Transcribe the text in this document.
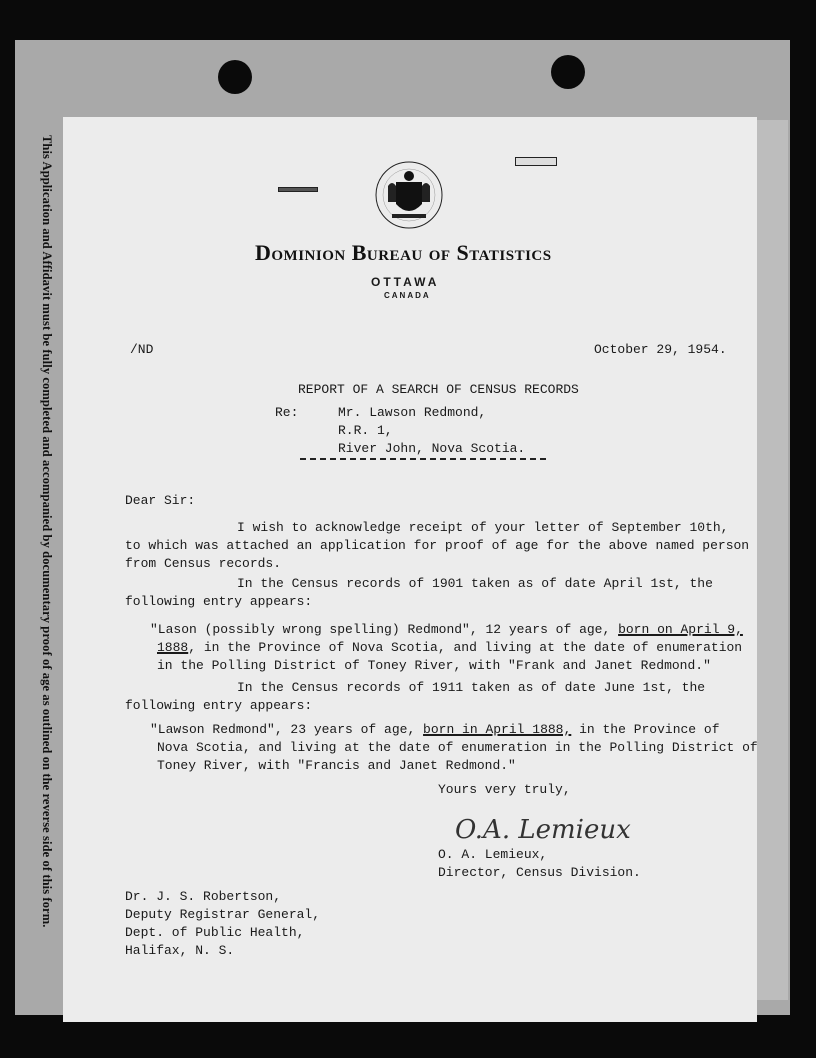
This Application and Affidavit must be fully completed and accompanied by documentary proof of age as outlined on the reverse side of this form.	Dominion Bureau of Statistics
OTTAWA
CANADA
/ND	October 29, 1954.
REPORT OF A SEARCH OF CENSUS RECORDS
Re:	Mr. Lawson Redmond,
R.R. 1,
River John, Nova Scotia.
Dear Sir:
I wish to acknowledge receipt of your letter of September 10th,
to which was attached an application for proof of age for the above named person
from Census records.
In the Census records of 1901 taken as of date April 1st, the
following entry appears:
"Lason (possibly wrong spelling) Redmond", 12 years of age, born on April 9,
1888, in the Province of Nova Scotia, and living at the date of enumeration
in the Polling District of Toney River, with "Frank and Janet Redmond."
In the Census records of 1911 taken as of date June 1st, the
following entry appears:
"Lawson Redmond", 23 years of age, born in April 1888, in the Province of
Nova Scotia, and living at the date of enumeration in the Polling District of
Toney River, with "Francis and Janet Redmond."
Yours very truly,
O.A. Lemieux
O. A. Lemieux,
Director, Census Division.
Dr. J. S. Robertson,
Deputy Registrar General,
Dept. of Public Health,
Halifax, N. S.
